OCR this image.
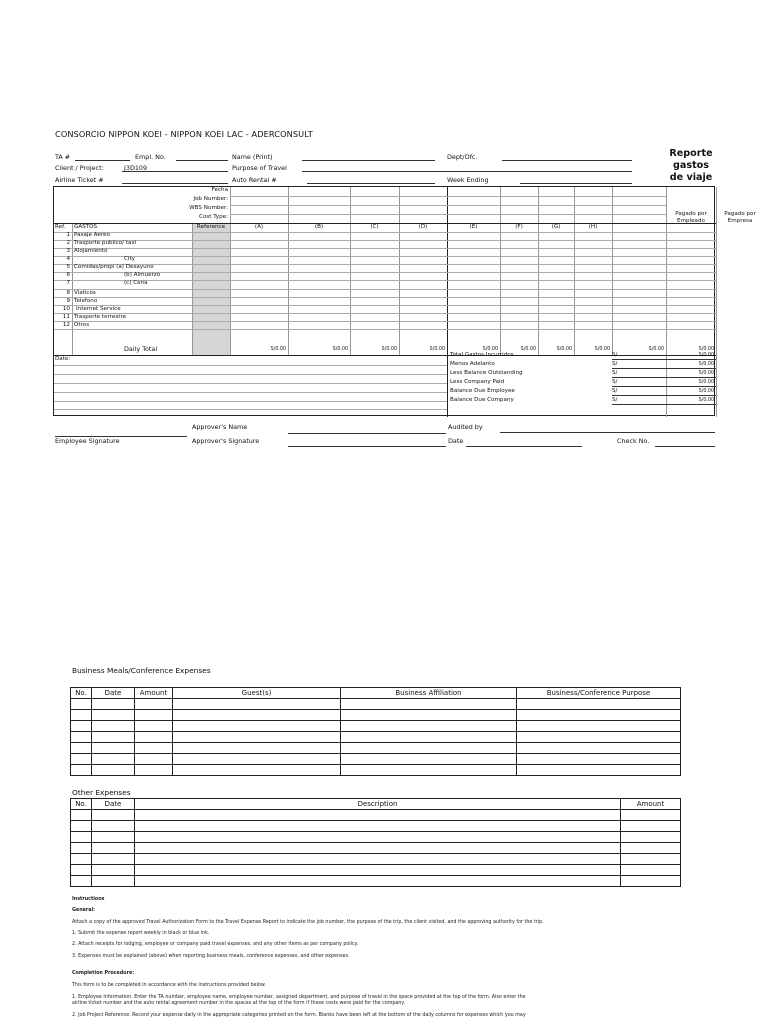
CONSORCIO NIPPON KOEI - NIPPON KOEI LAC - ADERCONSULT
Reporte
gastos
de viaje
TA #	Empl. No.	Name (Print)	Dept/Ofc.
Client / Project:	J3D109	Purpose of Travel
Airline Ticket #	Auto Rental #	Week Ending
Fecha
Job Number:
WBS Number:
Cost Type:	Pagado por
Empleado
Pagado por
Empresa
Ref. GASTOS	Reference	(A)	(B)	(C)	(D)	(E)	(F)	(G)	(H)
1 Pasaje Aereo
2 Trasporte publico/ taxi
3 Alojamiento
4	City
5 Comidas/propi (a) Desayuno
6	(b) Almuerzo
7	(c) Cena
8 Viaticos
9 Telefono
10 Internet Service
11 Trasporte terrestre
12 Otros
Daily Total	S/0.00	S/0.00	S/0.00	S/0.00	S/0.00	S/0.00	S/0.00	S/0.00	S/0.00	S/0.00
Date:
Total Gastos Incurridos	S/	S/0.00
Menos Adelanto	S/	S/0.00
Less Balance Outstanding	S/	S/0.00
Less Company Paid	S/	S/0.00
Balance Due Employee	S/	S/0.00
Balance Due Company	S/	S/0.00
Approver's Name	Audited by
Employee Signature	Approver's Signature	Date	Check No.
Business Meals/Conference Expenses
No.	Date	Amount	Guest(s)	Business Affiliation	Business/Conference Purpose

Other Expenses
No.	Date	Description	Amount

Instructions
General:
Attach a copy of the approved Travel Authorization Form to the Travel Expense Report to indicate the job number, the purpose of the trip, the client visited, and the approving authority for the trip.
1. Submit the expense report weekly in black or blue ink.
2. Attach receipts for lodging, employee or company paid travel expenses, and any other items as per company policy.
3. Expenses must be explained (above) when reporting business meals, conference expenses, and other expenses.
Completion Procedure:
This form is to be completed in accordance with the instructions provided below.
1. Employee Information. Enter the TA number, employee name, employee number, assigned department, and purpose of travel in the space provided at the top of the form. Also enter the
airline ticket number and the auto rental agreement number in the spaces at the top of the form if these costs were paid for the company.
2. Job Project Reference. Record your expense daily in the appropriate categories printed on the form. Blanks have been left at the bottom of the daily columns for expenses which you may
